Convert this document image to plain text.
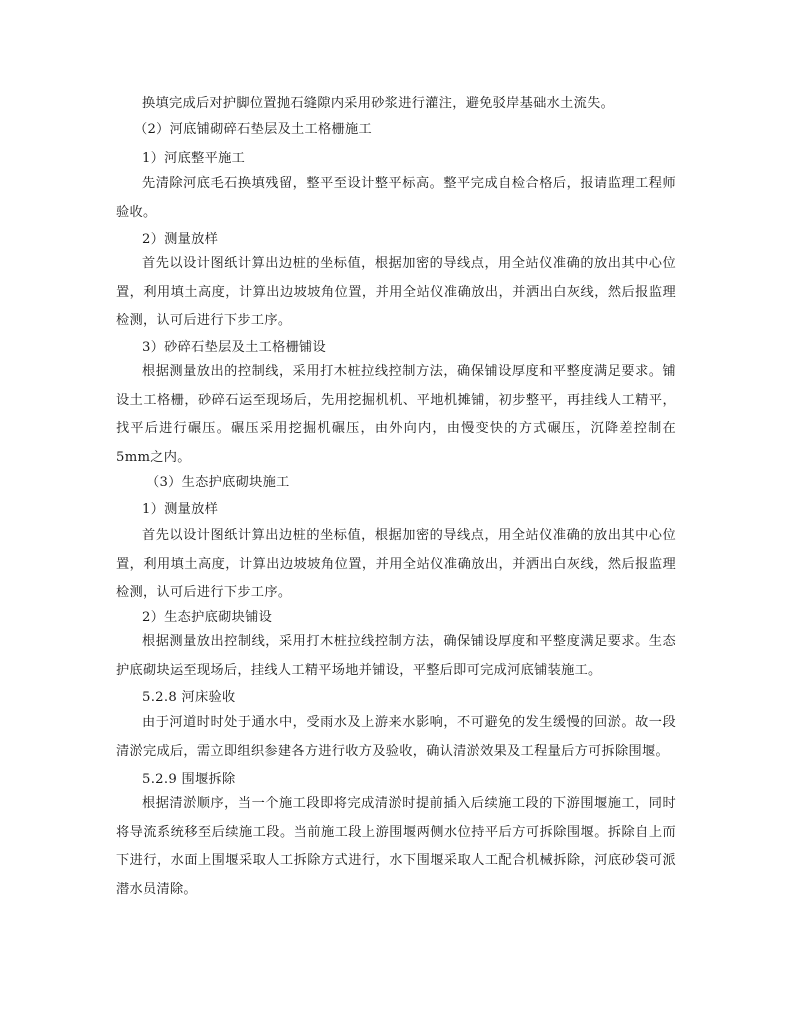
换填完成后对护脚位置抛石缝隙内采用砂浆进行灌注，避免驳岸基础水土流失。

（2）河底铺砌碎石垫层及土工格栅施工

1）河底整平施工

先清除河底毛石换填残留，整平至设计整平标高。整平完成自检合格后，报请监理工程师验收。

2）测量放样

首先以设计图纸计算出边桩的坐标值，根据加密的导线点，用全站仪准确的放出其中心位置，利用填土高度，计算出边坡坡角位置，并用全站仪准确放出，并洒出白灰线，然后报监理检测，认可后进行下步工序。

3）砂碎石垫层及土工格栅铺设

根据测量放出的控制线，采用打木桩拉线控制方法，确保铺设厚度和平整度满足要求。铺设土工格栅，砂碎石运至现场后，先用挖掘机机、平地机摊铺，初步整平，再挂线人工精平，找平后进行碾压。碾压采用挖掘机碾压，由外向内，由慢变快的方式碾压，沉降差控制在5mm之内。

（3）生态护底砌块施工

1）测量放样

首先以设计图纸计算出边桩的坐标值，根据加密的导线点，用全站仪准确的放出其中心位置，利用填土高度，计算出边坡坡角位置，并用全站仪准确放出，并洒出白灰线，然后报监理检测，认可后进行下步工序。

2）生态护底砌块铺设

根据测量放出控制线，采用打木桩拉线控制方法，确保铺设厚度和平整度满足要求。生态护底砌块运至现场后，挂线人工精平场地并铺设，平整后即可完成河底铺装施工。

5.2.8 河床验收

由于河道时时处于通水中，受雨水及上游来水影响，不可避免的发生缓慢的回淤。故一段清淤完成后，需立即组织参建各方进行收方及验收，确认清淤效果及工程量后方可拆除围堰。

5.2.9 围堰拆除

根据清淤顺序，当一个施工段即将完成清淤时提前插入后续施工段的下游围堰施工，同时将导流系统移至后续施工段。当前施工段上游围堰两侧水位持平后方可拆除围堰。拆除自上而下进行，水面上围堰采取人工拆除方式进行，水下围堰采取人工配合机械拆除，河底砂袋可派潜水员清除。
